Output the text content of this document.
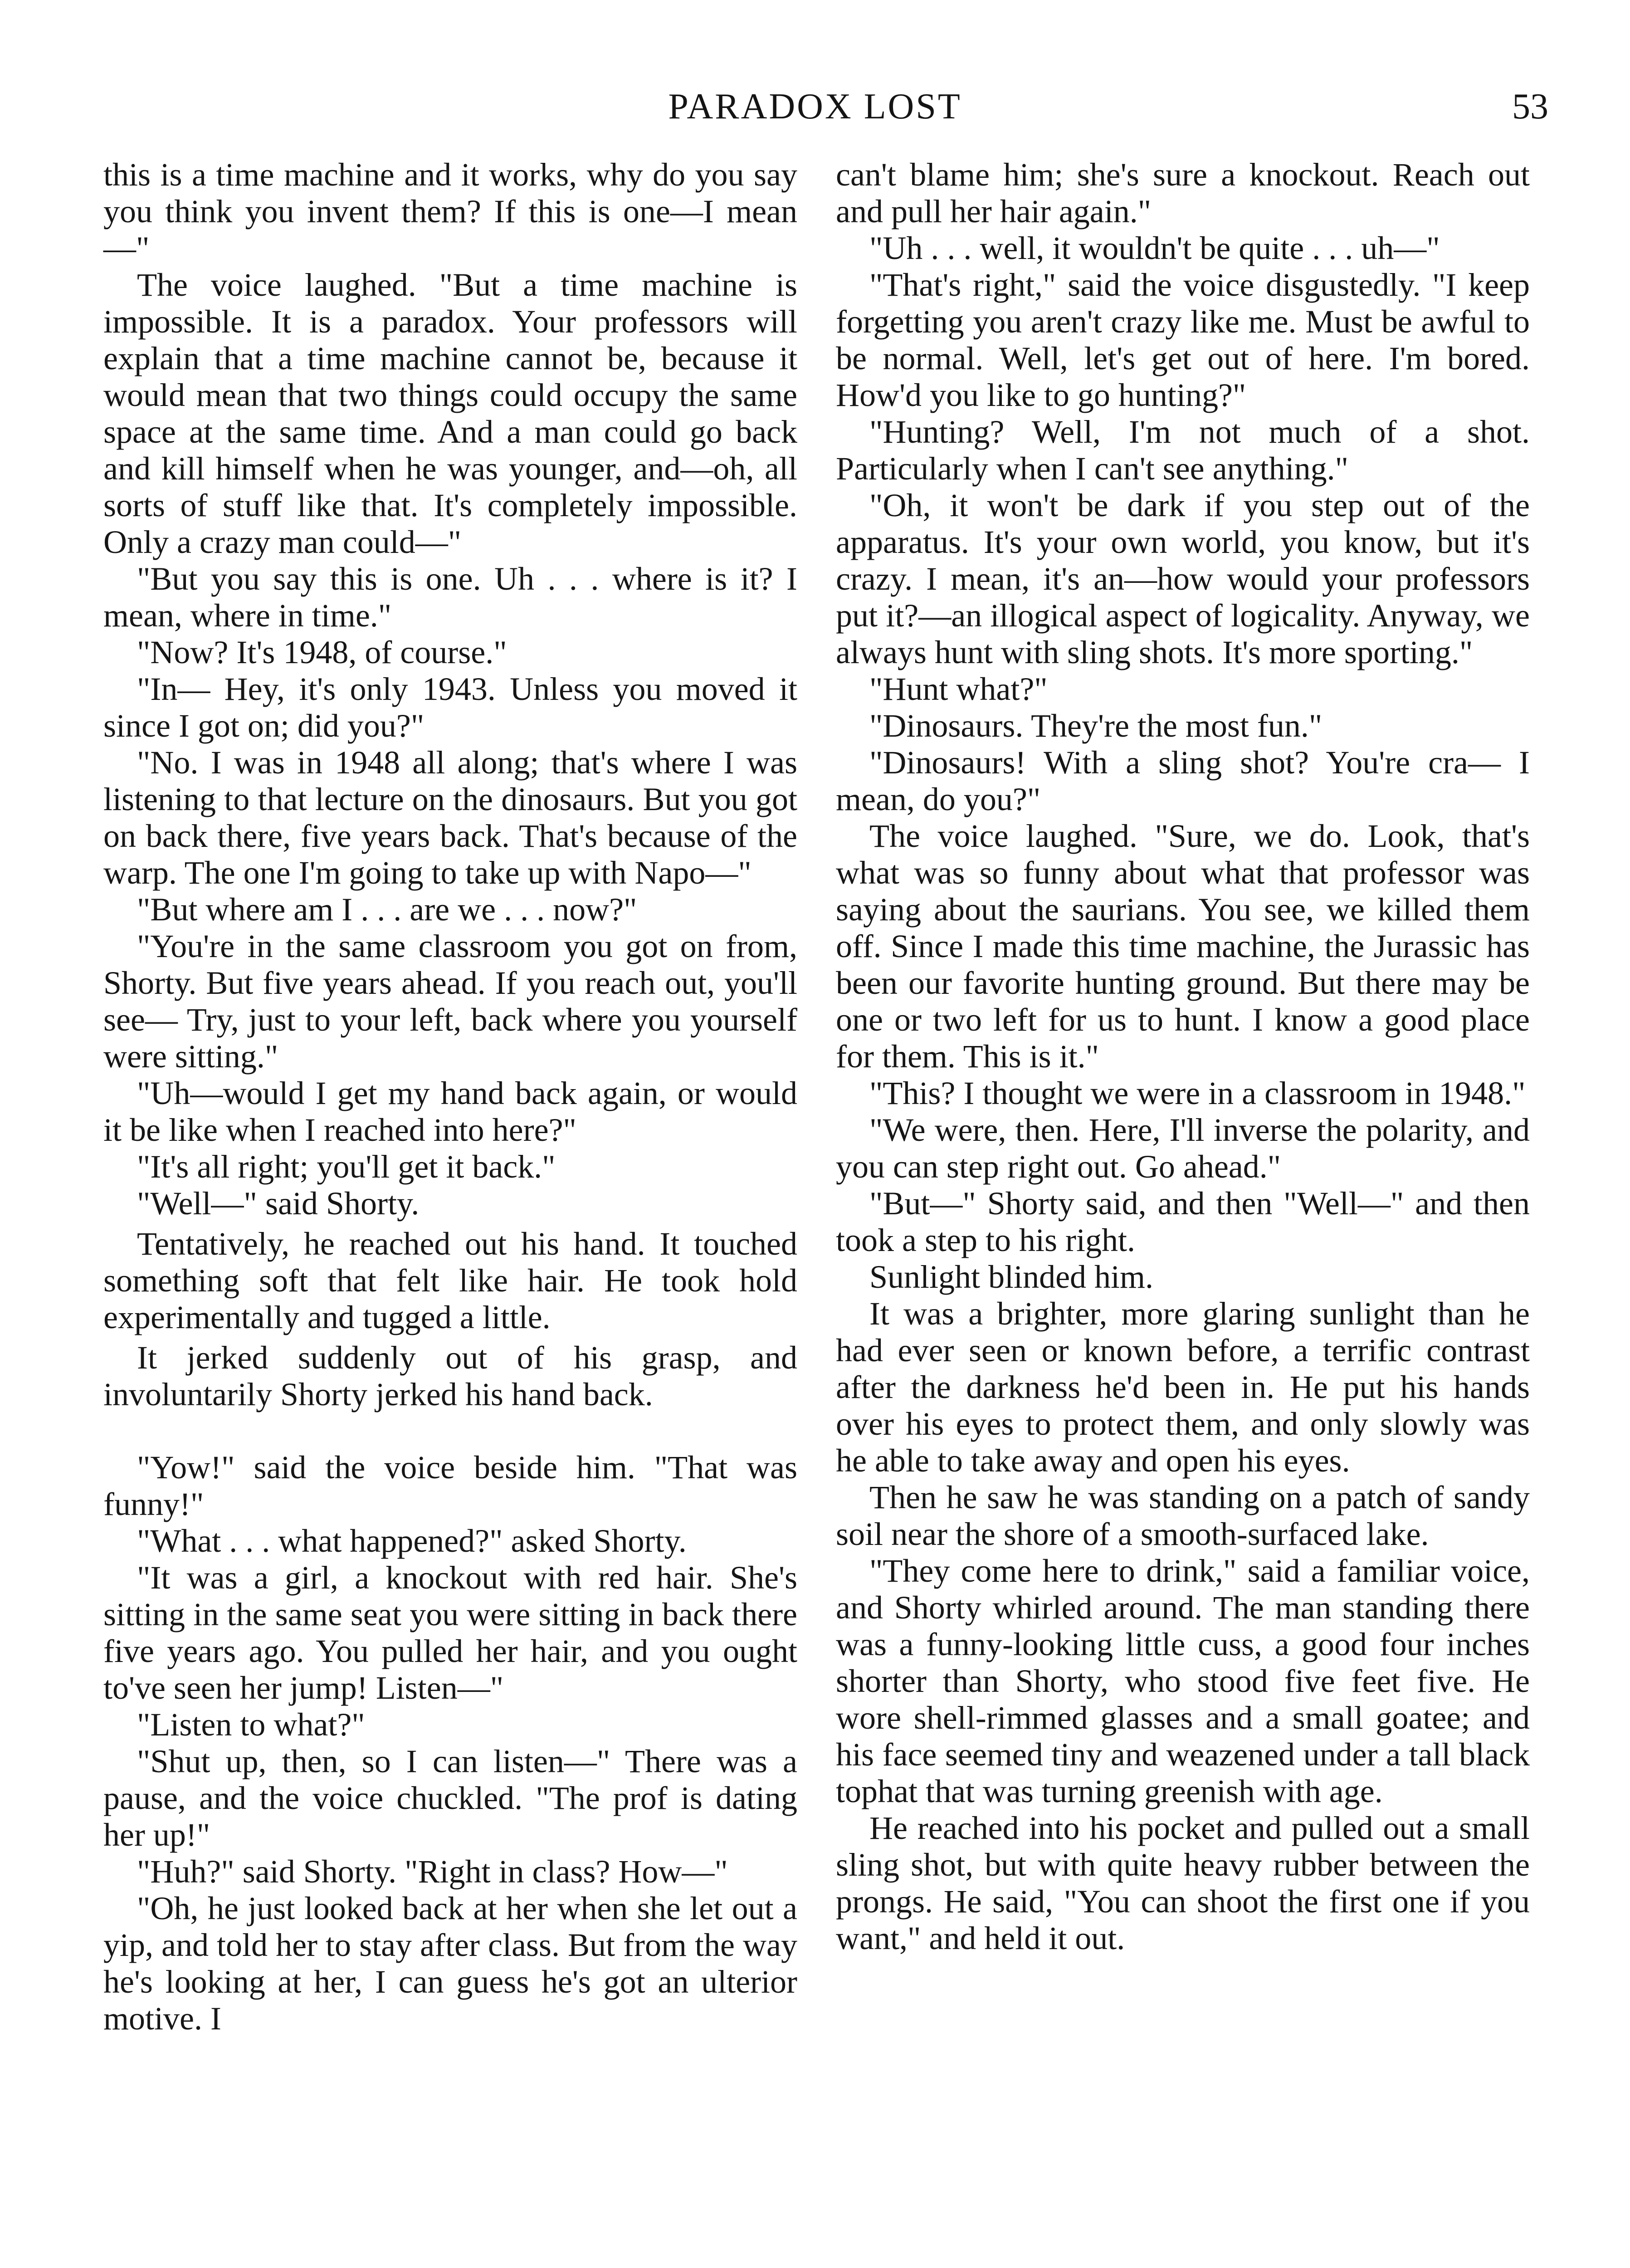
PARADOX LOST	53

this is a time machine and it works, why do you say you think you invent them? If this is one—I mean—"

The voice laughed. "But a time machine is impossible. It is a paradox. Your professors will explain that a time machine cannot be, because it would mean that two things could occupy the same space at the same time. And a man could go back and kill himself when he was younger, and—oh, all sorts of stuff like that. It's completely impossible. Only a crazy man could—"

"But you say this is one. Uh . . . where is it? I mean, where in time."

"Now? It's 1948, of course."

"In— Hey, it's only 1943. Unless you moved it since I got on; did you?"

"No. I was in 1948 all along; that's where I was listening to that lecture on the dinosaurs. But you got on back there, five years back. That's because of the warp. The one I'm going to take up with Napo—"

"But where am I . . . are we . . . now?"

"You're in the same classroom you got on from, Shorty. But five years ahead. If you reach out, you'll see— Try, just to your left, back where you yourself were sitting."

"Uh—would I get my hand back again, or would it be like when I reached into here?"

"It's all right; you'll get it back."

"Well—" said Shorty.

Tentatively, he reached out his hand. It touched something soft that felt like hair. He took hold experimentally and tugged a little.

It jerked suddenly out of his grasp, and involuntarily Shorty jerked his hand back.

"Yow!" said the voice beside him. "That was funny!"

"What . . . what happened?" asked Shorty.

"It was a girl, a knockout with red hair. She's sitting in the same seat you were sitting in back there five years ago. You pulled her hair, and you ought to've seen her jump! Listen—"

"Listen to what?"

"Shut up, then, so I can listen—" There was a pause, and the voice chuckled. "The prof is dating her up!"

"Huh?" said Shorty. "Right in class? How—"

"Oh, he just looked back at her when she let out a yip, and told her to stay after class. But from the way he's looking at her, I can guess he's got an ulterior motive. I

can't blame him; she's sure a knockout. Reach out and pull her hair again."

"Uh . . . well, it wouldn't be quite . . . uh—"

"That's right," said the voice disgustedly. "I keep forgetting you aren't crazy like me. Must be awful to be normal. Well, let's get out of here. I'm bored. How'd you like to go hunting?"

"Hunting? Well, I'm not much of a shot. Particularly when I can't see anything."

"Oh, it won't be dark if you step out of the apparatus. It's your own world, you know, but it's crazy. I mean, it's an—how would your professors put it?—an illogical aspect of logicality. Anyway, we always hunt with sling shots. It's more sporting."

"Hunt what?"

"Dinosaurs. They're the most fun."

"Dinosaurs! With a sling shot? You're cra— I mean, do you?"

The voice laughed. "Sure, we do. Look, that's what was so funny about what that professor was saying about the saurians. You see, we killed them off. Since I made this time machine, the Jurassic has been our favorite hunting ground. But there may be one or two left for us to hunt. I know a good place for them. This is it."

"This? I thought we were in a classroom in 1948."

"We were, then. Here, I'll inverse the polarity, and you can step right out. Go ahead."

"But—" Shorty said, and then "Well—" and then took a step to his right.

Sunlight blinded him.

It was a brighter, more glaring sunlight than he had ever seen or known before, a terrific contrast after the darkness he'd been in. He put his hands over his eyes to protect them, and only slowly was he able to take away and open his eyes.

Then he saw he was standing on a patch of sandy soil near the shore of a smooth-surfaced lake.

"They come here to drink," said a familiar voice, and Shorty whirled around. The man standing there was a funny-looking little cuss, a good four inches shorter than Shorty, who stood five feet five. He wore shell-rimmed glasses and a small goatee; and his face seemed tiny and weazened under a tall black tophat that was turning greenish with age.

He reached into his pocket and pulled out a small sling shot, but with quite heavy rubber between the prongs. He said, "You can shoot the first one if you want," and held it out.
